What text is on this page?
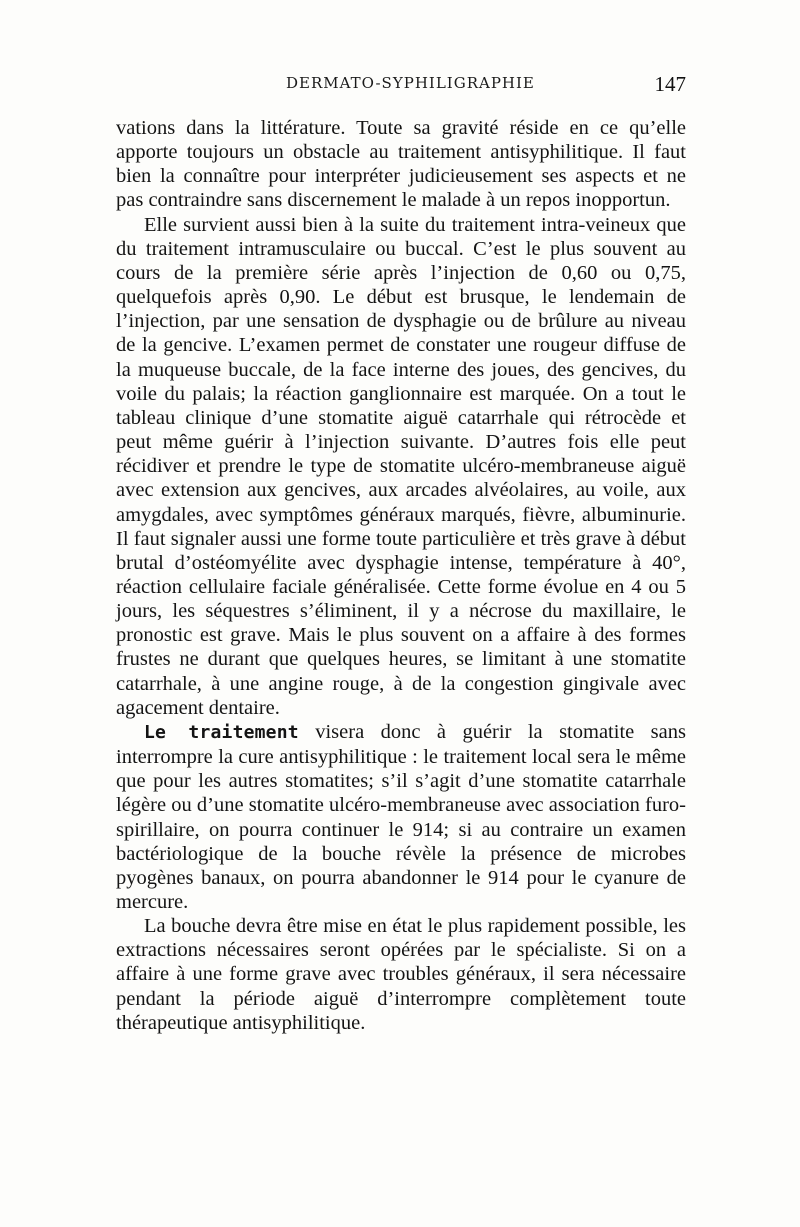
DERMATO-SYPHILIGRAPHIE	147

vations dans la littérature. Toute sa gravité réside en ce qu’elle apporte toujours un obstacle au traitement antisyphilitique. Il faut bien la connaître pour interpréter judicieusement ses aspects et ne pas contraindre sans discernement le malade à un repos inopportun.

Elle survient aussi bien à la suite du traitement intra-veineux que du traitement intramusculaire ou buccal. C’est le plus souvent au cours de la première série après l’injection de 0,60 ou 0,75, quelquefois après 0,90. Le début est brusque, le lendemain de l’injection, par une sensation de dysphagie ou de brûlure au niveau de la gencive. L’examen permet de constater une rougeur diffuse de la muqueuse buccale, de la face interne des joues, des gencives, du voile du palais; la réaction ganglionnaire est marquée. On a tout le tableau clinique d’une stomatite aiguë catarrhale qui rétrocède et peut même guérir à l’injection suivante. D’autres fois elle peut récidiver et prendre le type de stomatite ulcéro-membraneuse aiguë avec extension aux gencives, aux arcades alvéolaires, au voile, aux amygdales, avec symptômes généraux marqués, fièvre, albuminurie. Il faut signaler aussi une forme toute particulière et très grave à début brutal d’ostéomyélite avec dysphagie intense, température à 40°, réaction cellulaire faciale généralisée. Cette forme évolue en 4 ou 5 jours, les séquestres s’éliminent, il y a nécrose du maxillaire, le pronostic est grave. Mais le plus souvent on a affaire à des formes frustes ne durant que quelques heures, se limitant à une stomatite catarrhale, à une angine rouge, à de la congestion gingivale avec agacement dentaire.

Le traitement visera donc à guérir la stomatite sans interrompre la cure antisyphilitique : le traitement local sera le même que pour les autres stomatites; s’il s’agit d’une stomatite catarrhale légère ou d’une stomatite ulcéro-membraneuse avec association furo-spirillaire, on pourra continuer le 914; si au contraire un examen bactériologique de la bouche révèle la présence de microbes pyogènes banaux, on pourra abandonner le 914 pour le cyanure de mercure.

La bouche devra être mise en état le plus rapidement possible, les extractions nécessaires seront opérées par le spécialiste. Si on a affaire à une forme grave avec troubles généraux, il sera nécessaire pendant la période aiguë d’interrompre complètement toute thérapeutique antisyphilitique.
